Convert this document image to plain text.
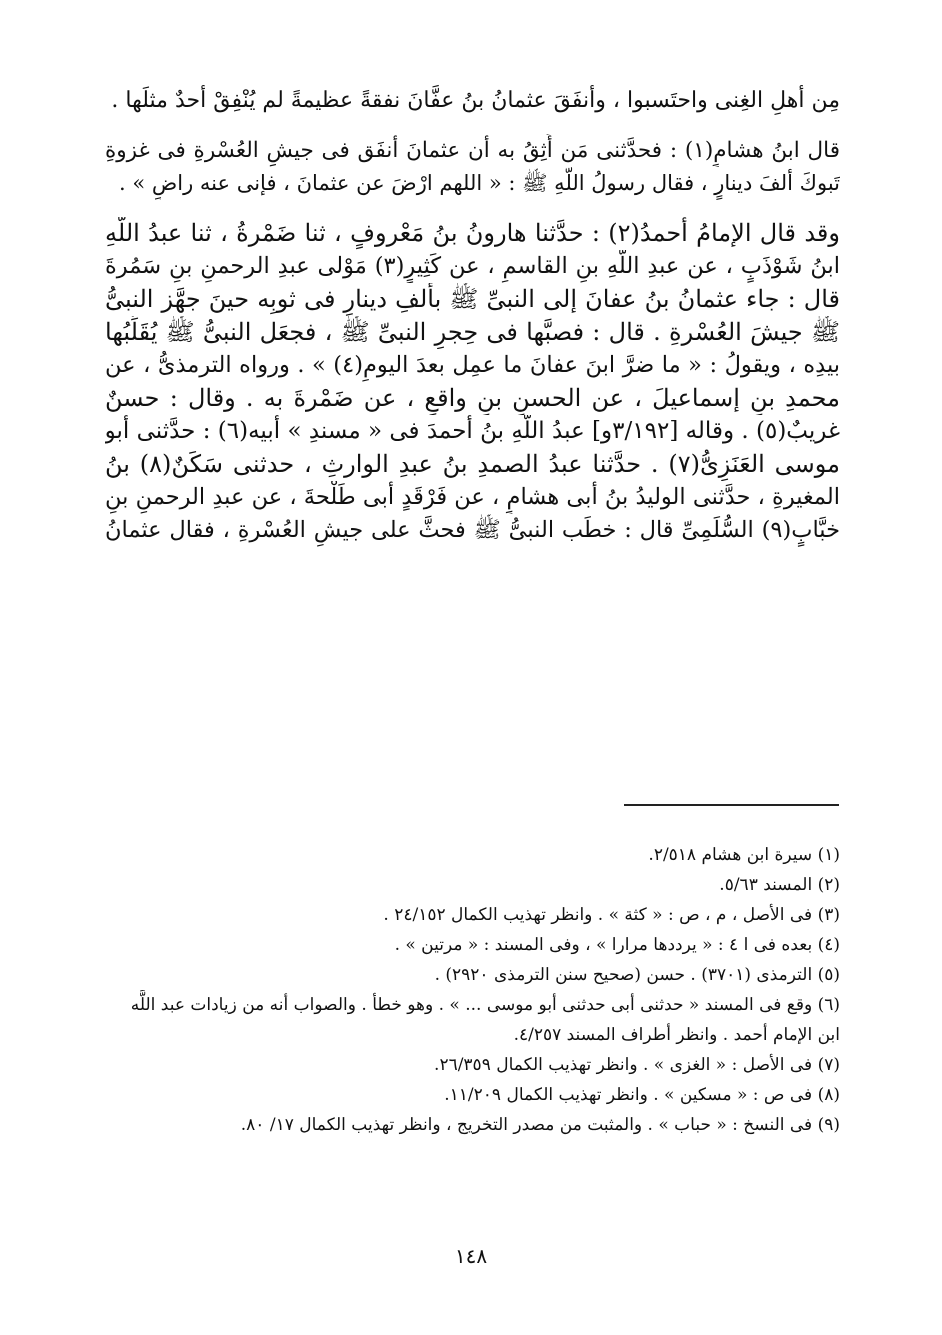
مِن أهلِ الغِنى واحتَسبوا ، وأنفَقَ عثمانُ بنُ عفَّانَ نفقةً عظيمةً لم يُنْفِقْ أحدٌ مثلَها .
قال ابنُ هشامٍ(١) : فحدَّثنى مَن أَثِقُ به أن عثمانَ أنفَق فى جيشِ العُسْرةِ فى غزوةِ
تَبوكَ ألفَ دينارٍ ، فقال رسولُ اللَّهِ ﷺ : « اللهم ارْضَ عن عثمانَ ، فإنى عنه راضٍ » .
وقد قال الإمامُ أحمدُ(٢) : حدَّثنا هارونُ بنُ مَعْروفٍ ، ثنا ضَمْرةُ ، ثنا عبدُ اللَّهِ
ابنُ شَوْذَبٍ ، عن عبدِ اللَّهِ بنِ القاسمِ ، عن كَثِيرٍ(٣) مَوْلى عبدِ الرحمنِ بنِ سَمُرةَ
قال : جاء عثمانُ بنُ عفانَ إلى النبىِّ ﷺ بألفِ دينارٍ فى ثوبِه حينَ جهَّز النبىُّ
ﷺ جيشَ العُسْرةِ . قال : فصبَّها فى حِجرِ النبىِّ ﷺ ، فجعَل النبىُّ ﷺ يُقَلِّبُها
بيدِه ، ويقولُ : « ما ضرَّ ابنَ عفانَ ما عمِل بعدَ اليومِ(٤) » . ورواه الترمذىُّ ، عن
محمدِ بنِ إسماعيلَ ، عن الحسنِ بنِ واقعٍ ، عن ضَمْرةَ به . وقال : حسنٌ
غريبٌ(٥) . وقاله [٣/١٩٢و] عبدُ اللَّهِ بنُ أحمدَ فى « مسندِ » أبيه(٦) : حدَّثنى أبو
موسى العَنَزِىُّ(٧) . حدَّثنا عبدُ الصمدِ بنُ عبدِ الوارثِ ، حدثنى سَكَنٌ(٨) بنُ
المغيرةِ ، حدَّثنى الوليدُ بنُ أبى هشامٍ ، عن فَرْقَدٍ أبى طَلْحةَ ، عن عبدِ الرحمنِ بنِ
خبَّابٍ(٩) السُّلَمِىِّ قال : خطَب النبىُّ ﷺ فحثَّ على جيشِ العُسْرةِ ، فقال عثمانُ
(١) سيرة ابن هشام ٢/٥١٨.
(٢) المسند ٥/٦٣.
(٣) فى الأصل ، م ، ص : « كثة » . وانظر تهذيب الكمال ٢٤/١٥٢ .
(٤) بعده فى ا ٤ : « يرددها مرارا » ، وفى المسند : « مرتين » .
(٥) الترمذى (٣٧٠١) . حسن (صحيح سنن الترمذى ٢٩٢٠) .
(٦) وقع فى المسند « حدثنى أبى حدثنى أبو موسى ... » . وهو خطأ . والصواب أنه من زيادات عبد اللَّه
ابن الإمام أحمد . وانظر أطراف المسند ٤/٢٥٧.
(٧) فى الأصل : « الغزى » . وانظر تهذيب الكمال ٢٦/٣٥٩.
(٨) فى ص : « مسكين » . وانظر تهذيب الكمال ١١/٢٠٩.
(٩) فى النسخ : « حباب » . والمثبت من مصدر التخريج ، وانظر تهذيب الكمال ١٧/ ٨٠.
١٤٨
